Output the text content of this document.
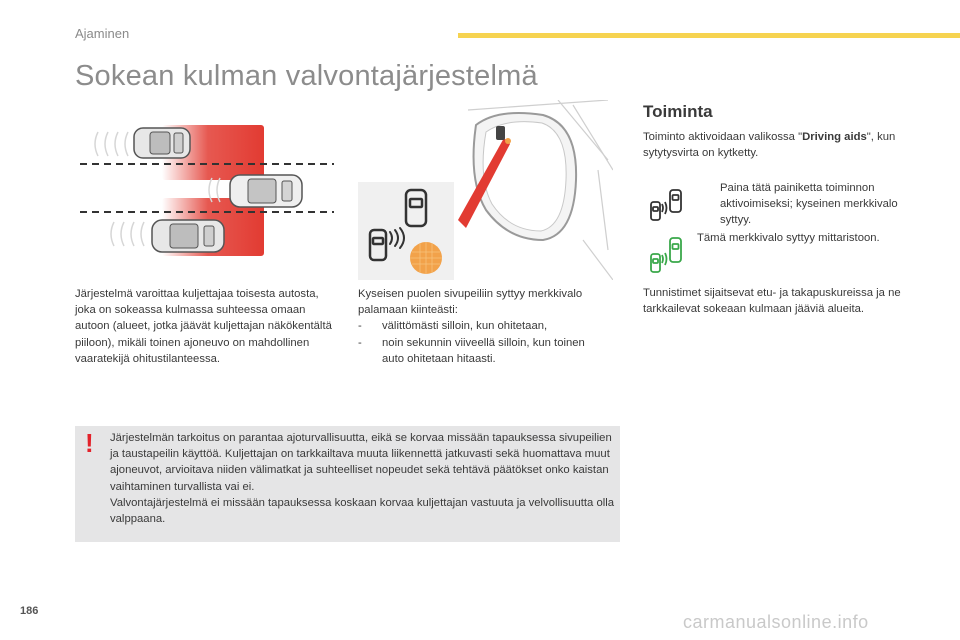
Ajaminen
Sokean kulman valvontajärjestelmä
Järjestelmä varoittaa kuljettajaa toisesta autosta, joka on sokeassa kulmassa suhteessa omaan autoon (alueet, jotka jäävät kuljettajan näkökentältä piiloon), mikäli toinen ajoneuvo on mahdollinen vaaratekijä ohitustilanteessa.
Kyseisen puolen sivupeiliin syttyy merkkivalo palamaan kiinteästi:
-	välittömästi silloin, kun ohitetaan,
-	noin sekunnin viiveellä silloin, kun toinen auto ohitetaan hitaasti.
Toiminta
Toiminto aktivoidaan valikossa "Driving aids", kun sytytysvirta on kytketty.
Paina tätä painiketta toiminnon aktivoimiseksi; kyseinen merkkivalo syttyy.
Tämä merkkivalo syttyy mittaristoon.
Tunnistimet sijaitsevat etu- ja takapuskureissa ja ne tarkkailevat sokeaan kulmaan jääviä alueita.
! Järjestelmän tarkoitus on parantaa ajoturvallisuutta, eikä se korvaa missään tapauksessa sivupeilien ja taustapeilin käyttöä. Kuljettajan on tarkkailtava muuta liikennettä jatkuvasti sekä huomattava muut ajoneuvot, arvioitava niiden välimatkat ja suhteelliset nopeudet sekä tehtävä päätökset onko kaistan vaihtaminen turvallista vai ei.
Valvontajärjestelmä ei missään tapauksessa koskaan korvaa kuljettajan vastuuta ja velvollisuutta olla valppaana.
186
carmanualsonline.info
